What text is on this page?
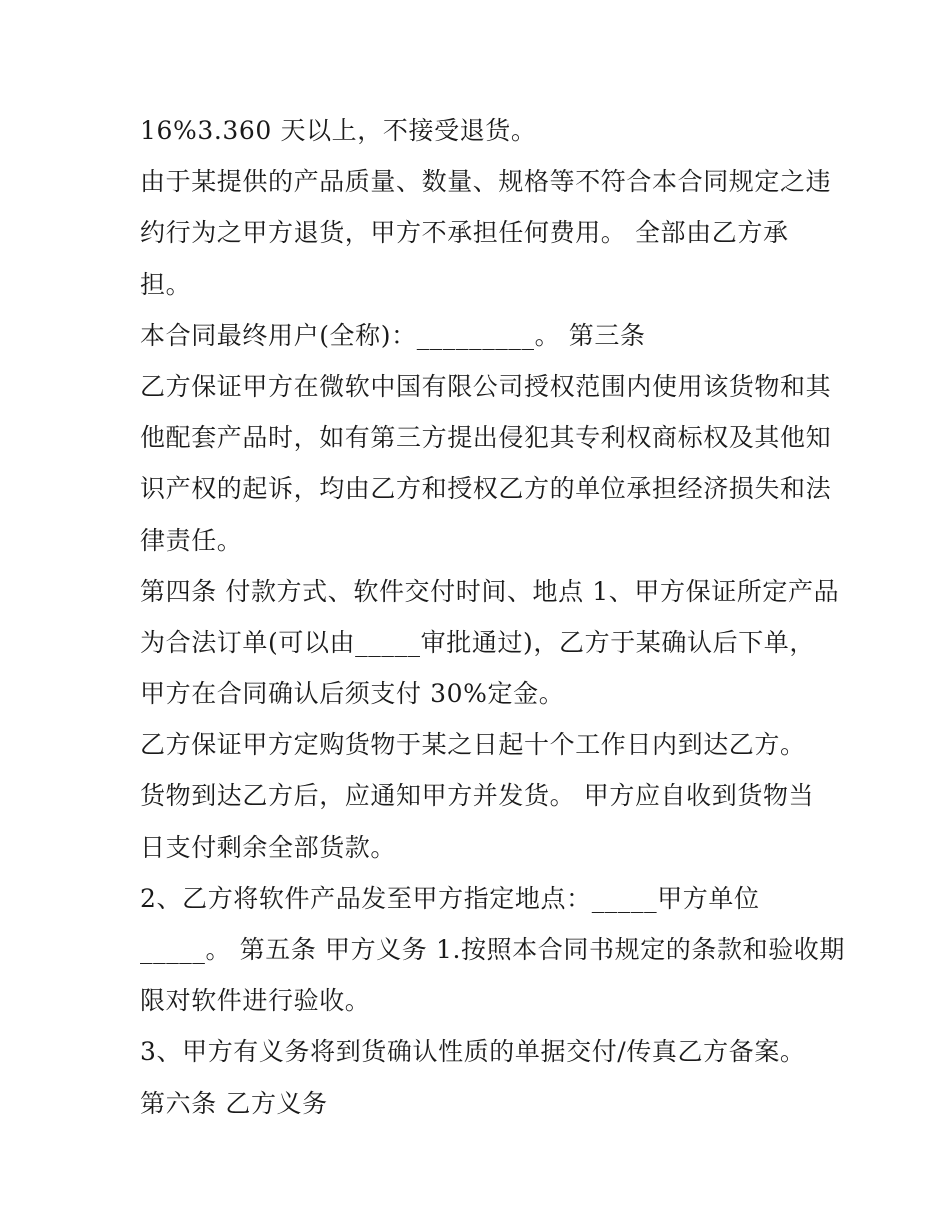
16%3.360 天以上，不接受退货。
由于某提供的产品质量、数量、规格等不符合本合同规定之违
约行为之甲方退货，甲方不承担任何费用。 全部由乙方承
担。
本合同最终用户(全称)：_________。 第三条
乙方保证甲方在微软中国有限公司授权范围内使用该货物和其
他配套产品时，如有第三方提出侵犯其专利权商标权及其他知
识产权的起诉，均由乙方和授权乙方的单位承担经济损失和法
律责任。
第四条 付款方式、软件交付时间、地点 1、甲方保证所定产品
为合法订单(可以由_____审批通过)，乙方于某确认后下单，
甲方在合同确认后须支付 30%定金。
乙方保证甲方定购货物于某之日起十个工作日内到达乙方。
货物到达乙方后，应通知甲方并发货。 甲方应自收到货物当
日支付剩余全部货款。
2、乙方将软件产品发至甲方指定地点：_____甲方单位
_____。 第五条 甲方义务 1.按照本合同书规定的条款和验收期
限对软件进行验收。
3、甲方有义务将到货确认性质的单据交付/传真乙方备案。
第六条 乙方义务
